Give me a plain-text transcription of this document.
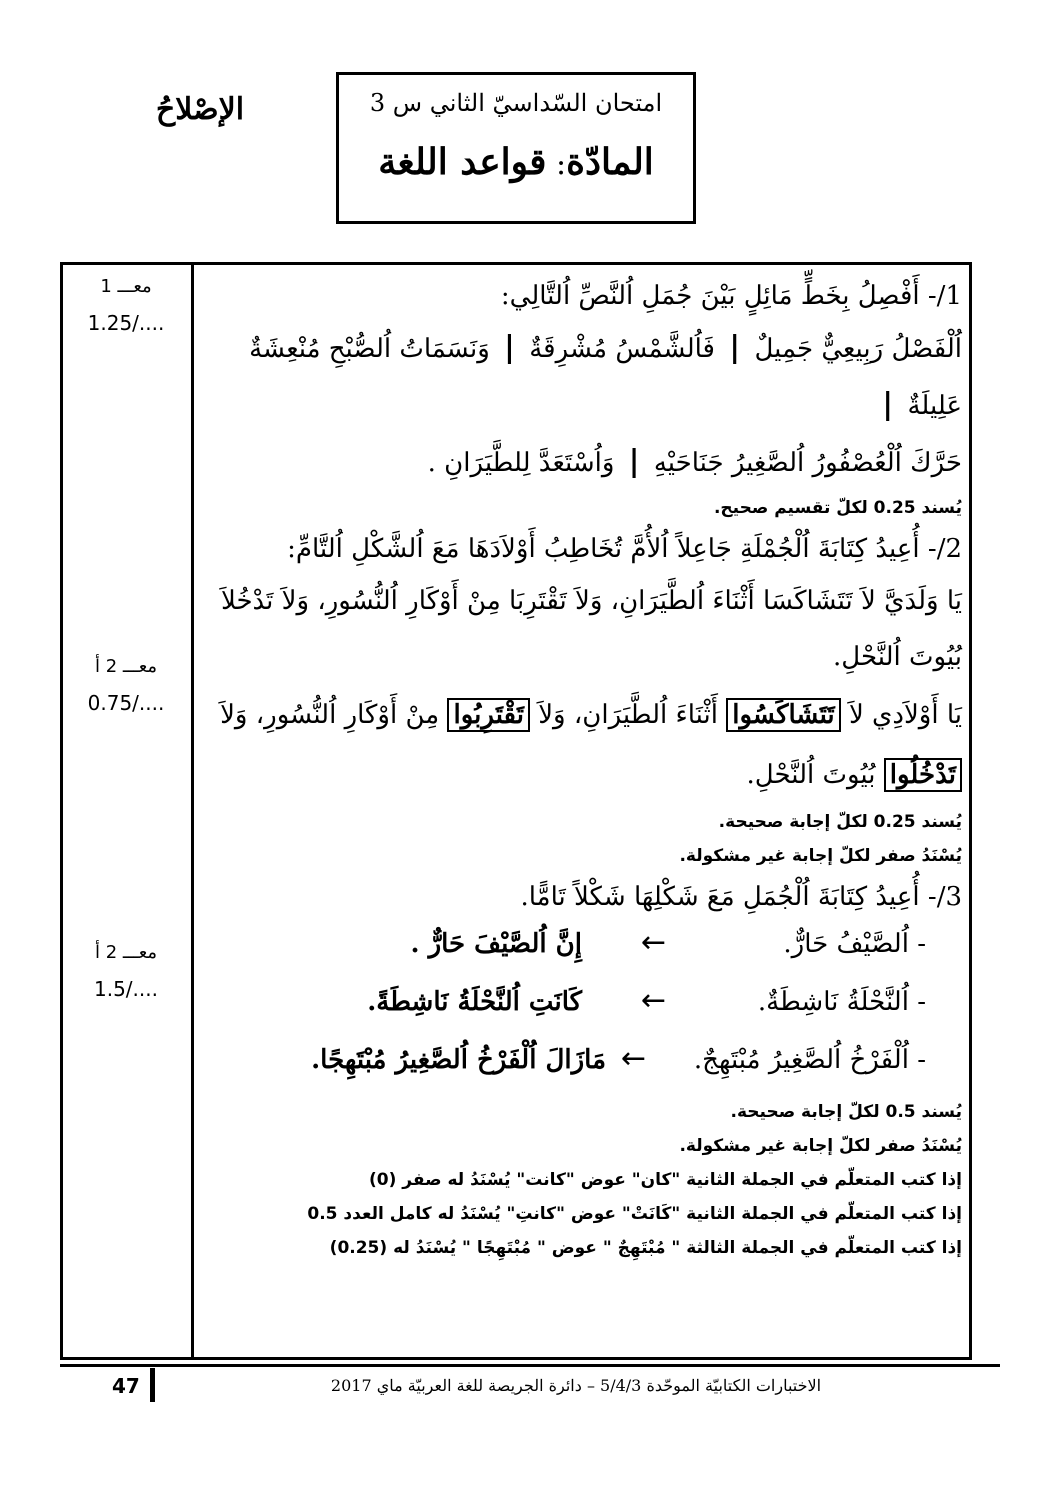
الإصْلاحُ	امتحان السّداسيّ الثاني س 3
المادّة: قواعد اللغة
معـــ 1
1.25/....
معـــ 2 أ
0.75/....
معـــ 2 أ
1.5/....

1/- أَفْصِلُ بِخَطٍّ مَائِلٍ بَيْنَ جُمَلِ اُلنَّصِّ اُلتَّالِي:

اُلْفَصْلُ رَبِيعِيٌّ جَمِيلٌ | فَاُلشَّمْسُ مُشْرِقَةٌ | وَنَسَمَاتُ اُلصُّبْحِ مُنْعِشَةٌ عَلِيلَةٌ |

حَرَّكَ اُلْعُصْفُورُ اُلصَّغِيرُ جَنَاحَيْهِ | وَاُسْتَعَدَّ لِلطَّيَرَانِ .

يُسند 0.25 لكلّ تقسيم صحيح.

2/- أُعِيدُ كِتَابَةَ اُلْجُمْلَةِ جَاعِلاً اُلأُمَّ تُخَاطِبُ أَوْلاَدَهَا مَعَ اُلشَّكْلِ اُلتَّامِّ:

يَا وَلَدَيَّ لاَ تَتَشَاكَسَا أَثْنَاءَ اُلطَّيَرَانِ، وَلاَ تَقْتَرِبَا مِنْ أَوْكَارِ اُلنُّسُورِ، وَلاَ تَدْخُلاَ

بُيُوتَ اُلنَّحْلِ.

يَا أَوْلاَدِي لاَ تَتَشَاكَسُوا أَثْنَاءَ اُلطَّيَرَانِ، وَلاَ تَقْتَرِبُوا مِنْ أَوْكَارِ اُلنُّسُورِ، وَلاَ تَدْخُلُوا بُيُوتَ اُلنَّحْلِ.

يُسند 0.25 لكلّ إجابة صحيحة.

يُسْنَدُ صفر لكلّ إجابة غير مشكولة.

3/- أُعِيدُ كِتَابَةَ اُلْجُمَلِ مَعَ شَكْلِهَا شَكْلاً تَامًّا.

- اُلصَّيْفُ حَارٌّ.
←
إِنَّ اُلصَّيْفَ حَارٌّ .
- اُلنَّحْلَةُ نَاشِطَةٌ.
←
كَانَتِ اُلنَّحْلَةُ نَاشِطَةً.
- اُلْفَرْخُ اُلصَّغِيرُ مُبْتَهِجٌ.
←
مَازَالَ اُلْفَرْخُ اُلصَّغِيرُ مُبْتَهِجًا.

يُسند 0.5 لكلّ إجابة صحيحة.

يُسْنَدُ صفر لكلّ إجابة غير مشكولة.

إذا كتب المتعلّم في الجملة الثانية "كان" عوض "كانت" يُسْنَدُ له صفر (0)

إذا كتب المتعلّم في الجملة الثانية "كَانَتْ" عوض "كانتِ" يُسْنَدُ له كامل العدد 0.5

إذا كتب المتعلّم في الجملة الثالثة " مُبْتَهِجٌ " عوض " مُبْتَهِجًا " يُسْنَدُ له (0.25)

الاختبارات الكتابيّة الموحّدة 5/4/3 – دائرة الجريصة للغة العربيّة ماي 2017
47
